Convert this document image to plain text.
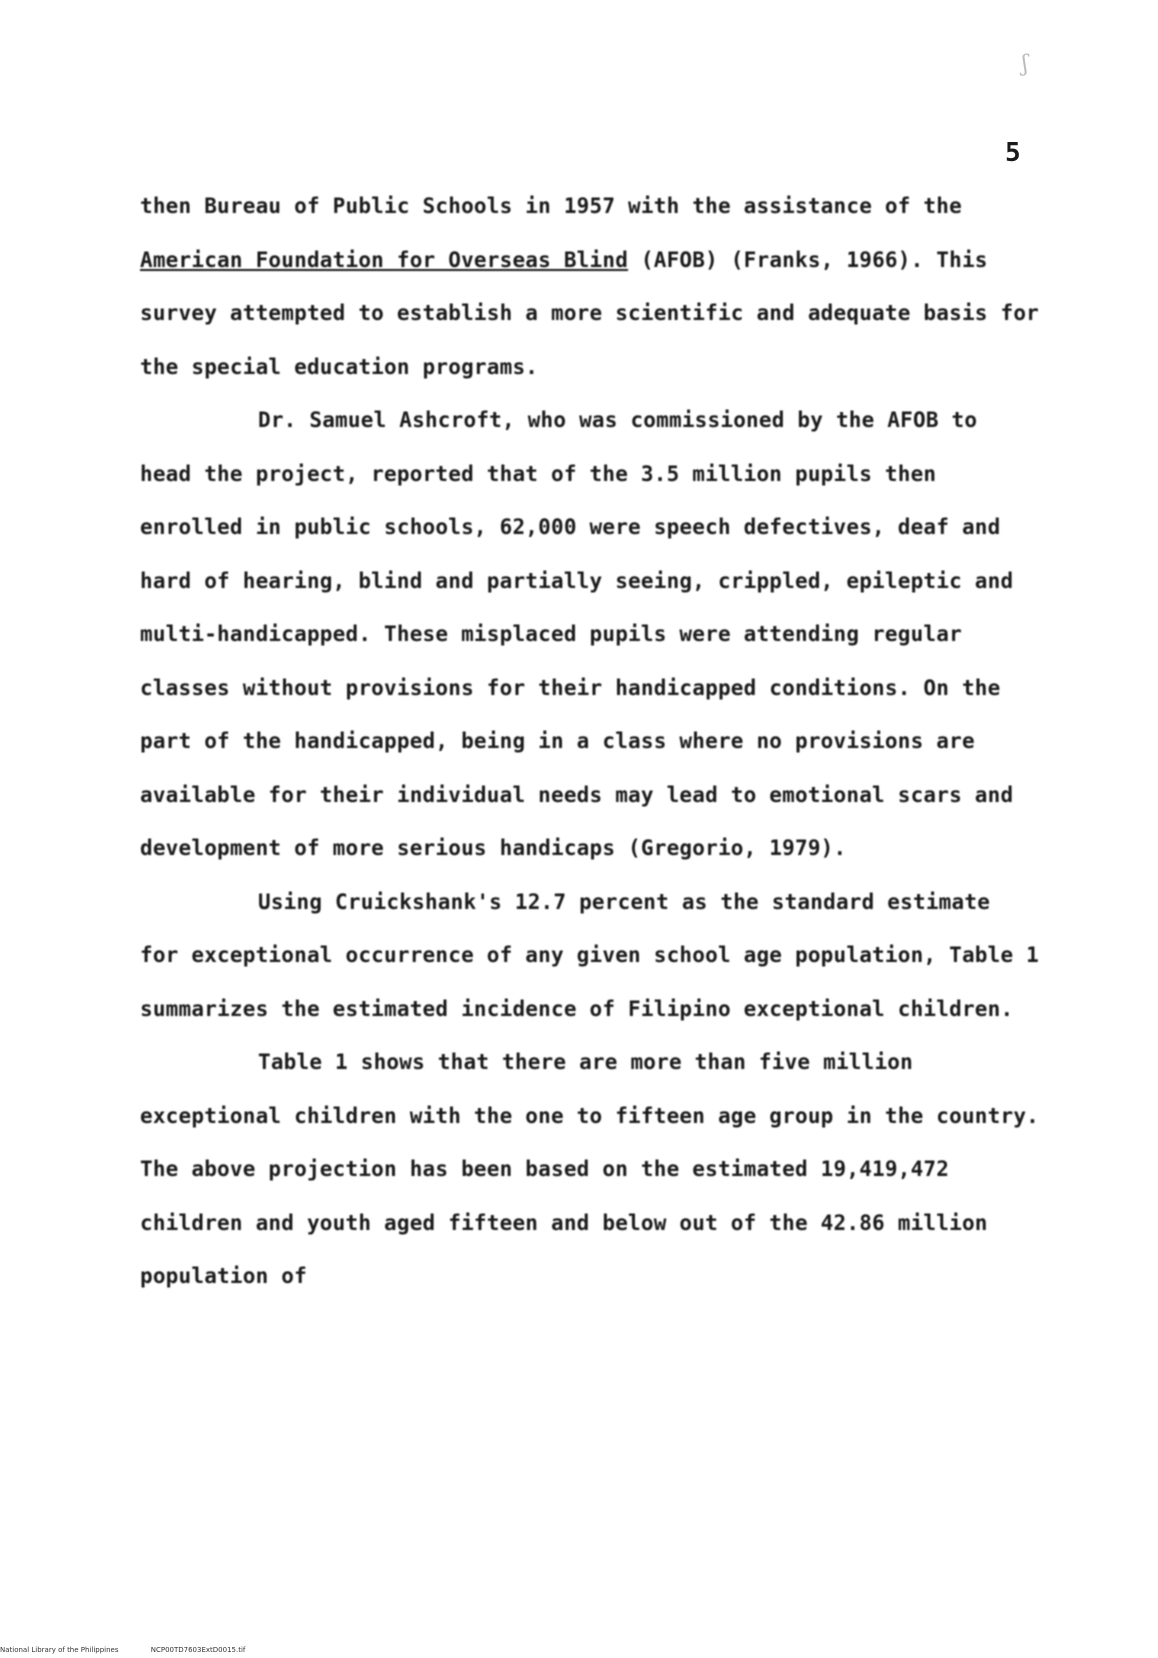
ʃ
5

then Bureau of Public Schools in 1957 with the assistance of the American Foundation for Overseas Blind (AFOB) (Franks, 1966). This survey attempted to establish a more scientific and adequate basis for the special education programs.

Dr. Samuel Ashcroft, who was commissioned by the AFOB to head the project, reported that of the 3.5 million pupils then enrolled in public schools, 62,000 were speech defectives, deaf and hard of hearing, blind and partially seeing, crippled, epileptic and multi-handicapped. These misplaced pupils were attending regular classes without provisions for their handicapped conditions. On the part of the handicapped, being in a class where no provisions are available for their individual needs may lead to emotional scars and development of more serious handicaps (Gregorio, 1979).

Using Cruickshank's 12.7 percent as the standard estimate for exceptional occurrence of any given school age population, Table 1 summarizes the estimated incidence of Filipino exceptional children.

Table 1 shows that there are more than five million exceptional children with the one to fifteen age group in the country. The above projection has been based on the estimated 19,419,472 children and youth aged fifteen and below out of the 42.86 million population of

National Library of the Philippines	NCP00TD7603ExtD0015.tif
